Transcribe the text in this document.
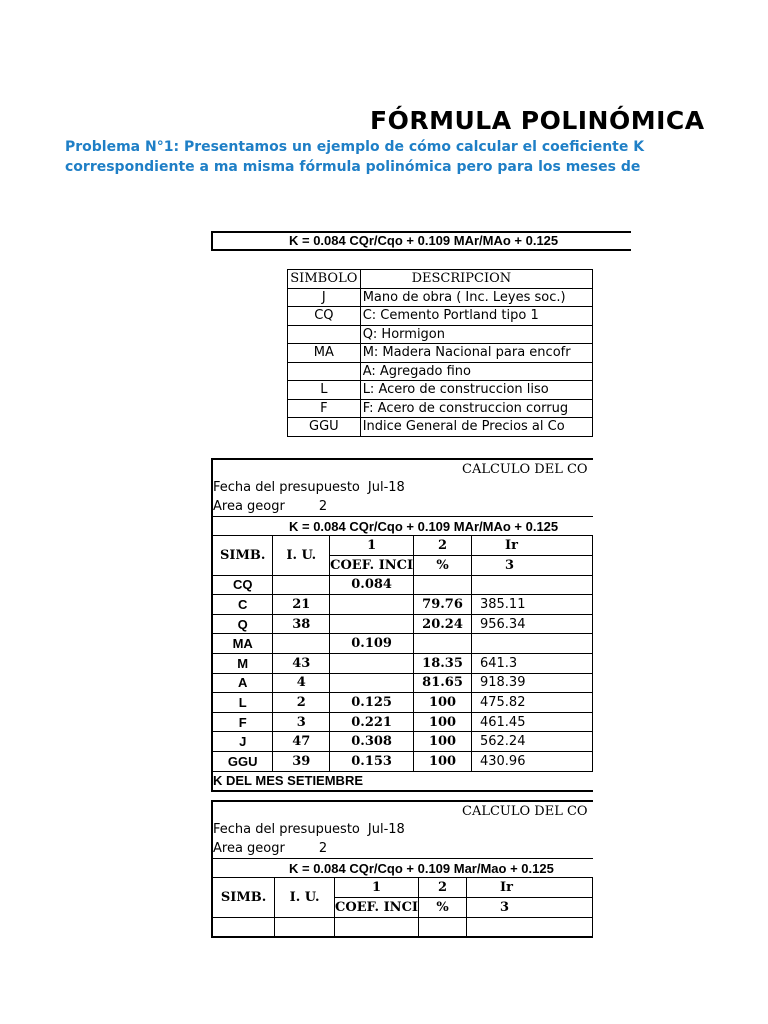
FÓRMULA POLINÓMICA
Problema N°1: Presentamos un ejemplo de cómo calcular el coeficiente K
correspondiente a ma misma fórmula polinómica pero para los meses de
K = 0.084 CQr/Cqo + 0.109 MAr/MAo + 0.125
SIMBOLO	DESCRIPCION
J	Mano de obra ( Inc. Leyes soc.)
CQ	C: Cemento Portland tipo 1
	Q: Hormigon
MA	M: Madera Nacional para encofr
	A: Agregado fino
L	L: Acero de construccion liso
F	F: Acero de construccion corrug
GGU	Indice General de Precios al Co
CALCULO DEL CO				
Fecha del presupuesto Jul-18				
Area geogr 2				
K = 0.084 CQr/Cqo + 0.109 MAr/MAo + 0.125				
SIMB.	I. U.	1	2	Ir
		COEF. INCI	%	3
CQ		0.084		
C	21		79.76	385.11
Q	38		20.24	956.34
MA		0.109		
M	43		18.35	641.3
A	4		81.65	918.39
L	2	0.125	100	475.82
F	3	0.221	100	461.45
J	47	0.308	100	562.24
GGU	39	0.153	100	430.96
K DEL MES SETIEMBRE				
CALCULO DEL CO				
Fecha del presupuesto Jul-18				
Area geogr 2				
K = 0.084 CQr/Cqo + 0.109 Mar/Mao + 0.125				
SIMB.	I. U.	1	2	Ir
		COEF. INCI	%	3
